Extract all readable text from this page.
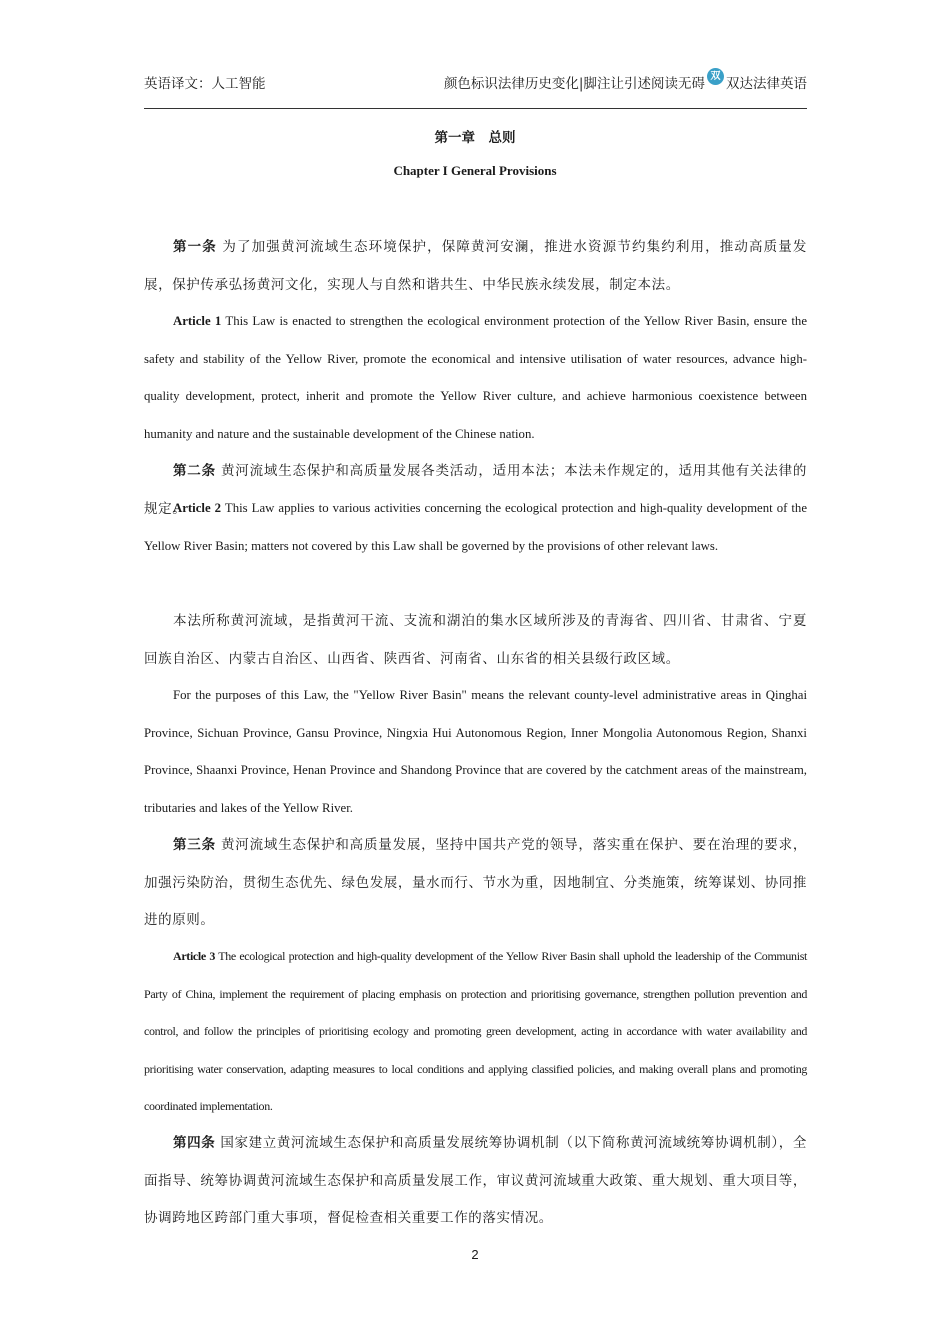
英语译文：人工智能	颜色标识法律历史变化|脚注让引述阅读无碍 双 双达法律英语
第一章　总则
Chapter I General Provisions

第一条 为了加强黄河流域生态环境保护，保障黄河安澜，推进水资源节约集约利用，推动高质量发展，保护传承弘扬黄河文化，实现人与自然和谐共生、中华民族永续发展，制定本法。

Article 1 This Law is enacted to strengthen the ecological environment protection of the Yellow River Basin, ensure the safety and stability of the Yellow River, promote the economical and intensive utilisation of water resources, advance high-quality development, protect, inherit and promote the Yellow River culture, and achieve harmonious coexistence between humanity and nature and the sustainable development of the Chinese nation.

第二条 黄河流域生态保护和高质量发展各类活动，适用本法；本法未作规定的，适用其他有关法律的规定。

Article 2 This Law applies to various activities concerning the ecological protection and high-quality development of the Yellow River Basin; matters not covered by this Law shall be governed by the provisions of other relevant laws.

本法所称黄河流域，是指黄河干流、支流和湖泊的集水区域所涉及的青海省、四川省、甘肃省、宁夏回族自治区、内蒙古自治区、山西省、陕西省、河南省、山东省的相关县级行政区域。

For the purposes of this Law, the "Yellow River Basin" means the relevant county-level administrative areas in Qinghai Province, Sichuan Province, Gansu Province, Ningxia Hui Autonomous Region, Inner Mongolia Autonomous Region, Shanxi Province, Shaanxi Province, Henan Province and Shandong Province that are covered by the catchment areas of the mainstream, tributaries and lakes of the Yellow River.

第三条 黄河流域生态保护和高质量发展，坚持中国共产党的领导，落实重在保护、要在治理的要求，加强污染防治，贯彻生态优先、绿色发展，量水而行、节水为重，因地制宜、分类施策，统筹谋划、协同推进的原则。

Article 3 The ecological protection and high-quality development of the Yellow River Basin shall uphold the leadership of the Communist Party of China, implement the requirement of placing emphasis on protection and prioritising governance, strengthen pollution prevention and control, and follow the principles of prioritising ecology and promoting green development, acting in accordance with water availability and prioritising water conservation, adapting measures to local conditions and applying classified policies, and making overall plans and promoting coordinated implementation.

第四条 国家建立黄河流域生态保护和高质量发展统筹协调机制（以下简称黄河流域统筹协调机制），全面指导、统筹协调黄河流域生态保护和高质量发展工作，审议黄河流域重大政策、重大规划、重大项目等，协调跨地区跨部门重大事项，督促检查相关重要工作的落实情况。

2
